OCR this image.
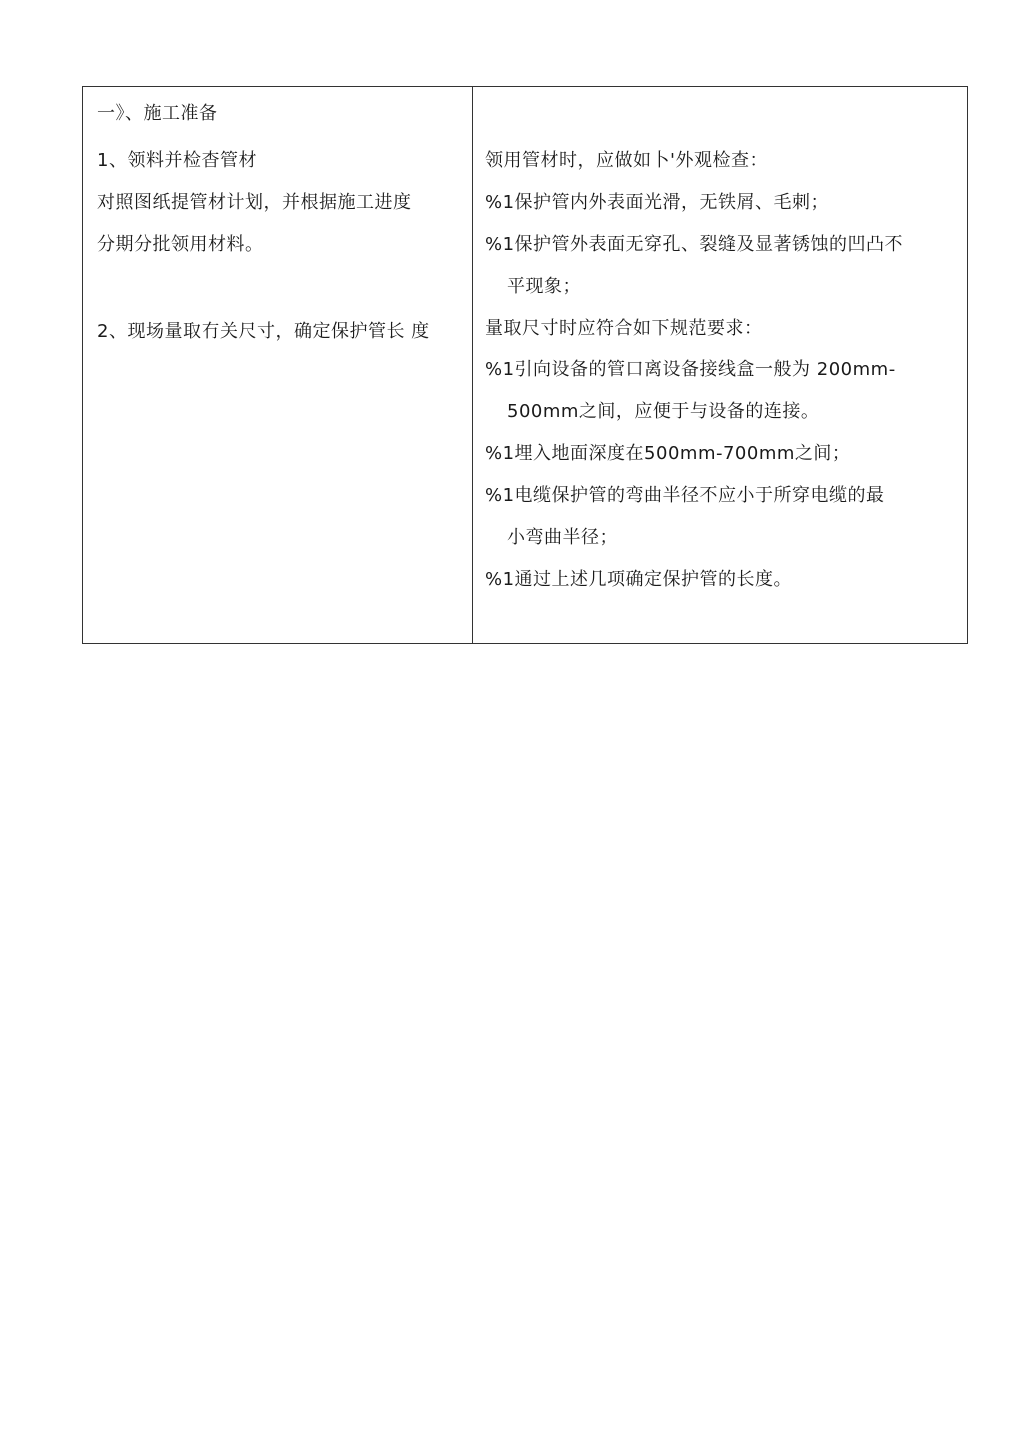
一》、施工准备
1、领料并检杳管材
对照图纸提管材计划，并根据施工进度
分期分批领用材料。
2、现场量取冇关尺寸，确定保护管长 度
领用管材时，应做如卜'外观检查：
%1保护管内外表面光滑，无铁屑、毛刺；
%1保护管外表面无穿孔、裂缝及显著锈蚀的凹凸不
平现象；
量取尺寸时应符合如下规范要求：
%1引向设备的管口离设备接线盒一般为 200mm-
500mm之间，应便于与设备的连接。
%1埋入地面深度在500mm-700mm之间；
%1电缆保护管的弯曲半径不应小于所穿电缆的最
小弯曲半径；
%1通过上述几项确定保护管的长度。
